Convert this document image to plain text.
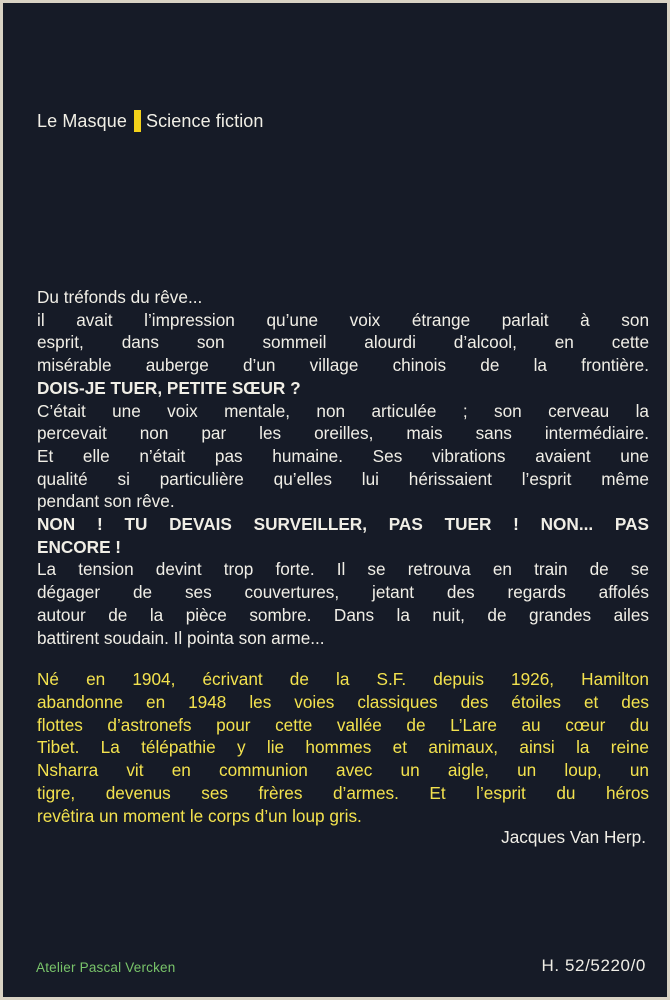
Le Masque Science fiction
Du tréfonds du rêve...
il avait l’impression qu’une voix étrange parlait à son
esprit, dans son sommeil alourdi d’alcool, en cette
misérable auberge d’un village chinois de la frontière.
DOIS-JE TUER, PETITE SŒUR ?
C’était une voix mentale, non articulée ; son cerveau la
percevait non par les oreilles, mais sans intermédiaire.
Et elle n’était pas humaine. Ses vibrations avaient une
qualité si particulière qu’elles lui hérissaient l’esprit même
pendant son rêve.
NON ! TU DEVAIS SURVEILLER, PAS TUER ! NON... PAS
ENCORE !
La tension devint trop forte. Il se retrouva en train de se
dégager de ses couvertures, jetant des regards affolés
autour de la pièce sombre. Dans la nuit, de grandes ailes
battirent soudain. Il pointa son arme...
Né en 1904, écrivant de la S.F. depuis 1926, Hamilton
abandonne en 1948 les voies classiques des étoiles et des
flottes d’astronefs pour cette vallée de L’Lare au cœur du
Tibet. La télépathie y lie hommes et animaux, ainsi la reine
Nsharra vit en communion avec un aigle, un loup, un
tigre, devenus ses frères d’armes. Et l’esprit du héros
revêtira un moment le corps d’un loup gris.
Jacques Van Herp.
Atelier Pascal Vercken	H. 52/5220/0
